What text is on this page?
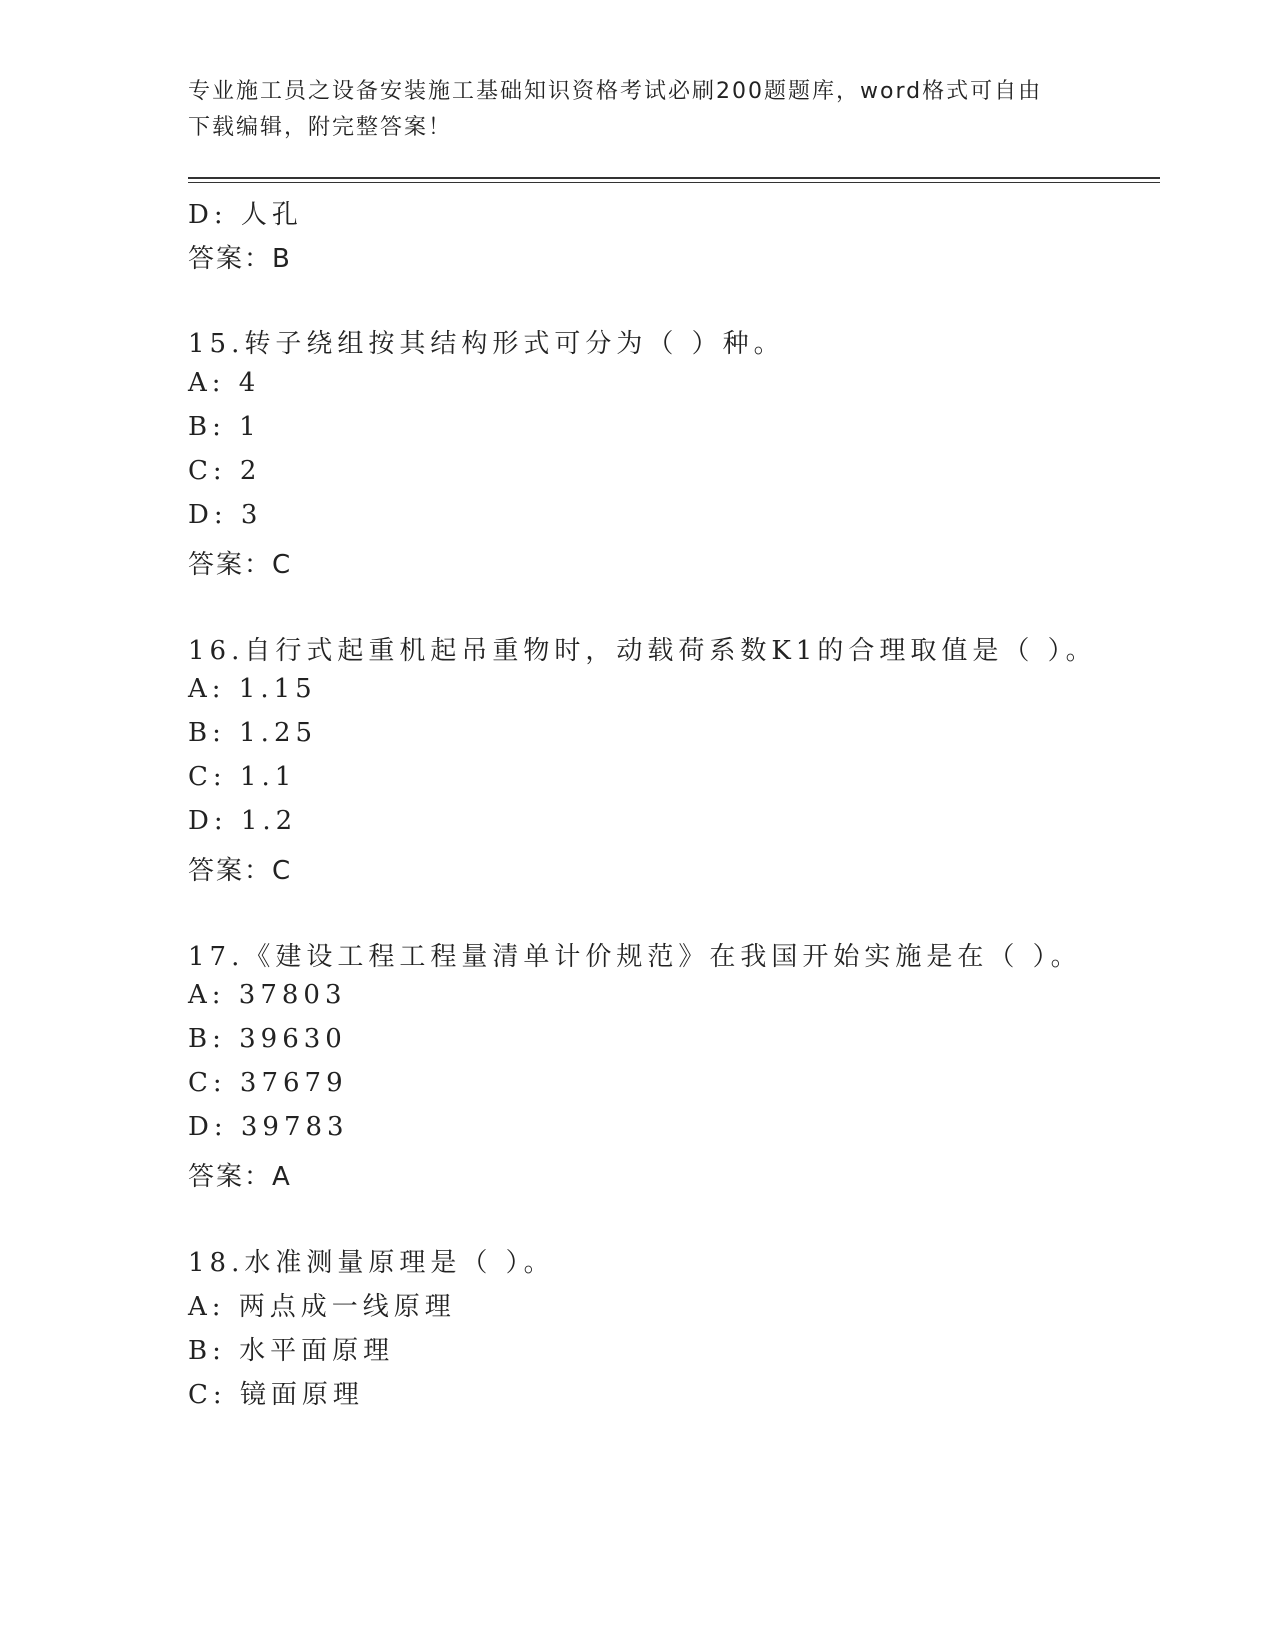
专业施工员之设备安装施工基础知识资格考试必刷200题题库，word格式可自由
下载编辑，附完整答案！
D: 人孔
答案：B
15.转子绕组按其结构形式可分为（ ）种。
A: 4
B: 1
C: 2
D: 3
答案：C
16.自行式起重机起吊重物时，动载荷系数K1的合理取值是（ ）。
A: 1.15
B: 1.25
C: 1.1
D: 1.2
答案：C
17.《建设工程工程量清单计价规范》在我国开始实施是在（ ）。
A: 37803
B: 39630
C: 37679
D: 39783
答案：A
18.水准测量原理是（ ）。
A: 两点成一线原理
B: 水平面原理
C: 镜面原理
